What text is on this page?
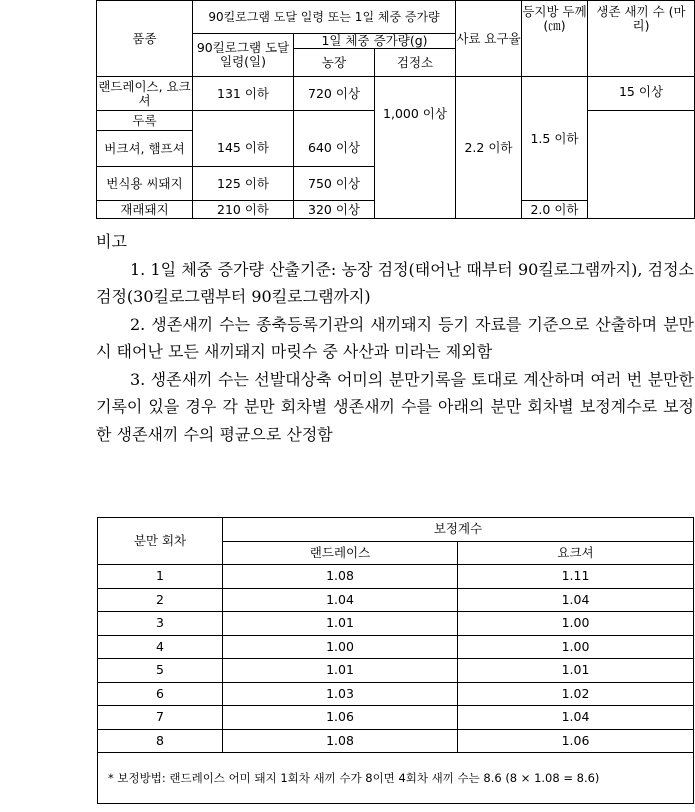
품종	90킬로그램 도달 일령 또는 1일 체중 증가량			사료 요구율	등지방 두께 (㎝)	생존 새끼 수 (마리)
	90킬로그램 도달일령(일)	1일 체중 증가량(g)				
		농장	검정소			
랜드레이스, 요크셔	131 이하	720 이상	1,000 이상	2.2 이하	1.5 이하	15 이상

두록						
버크셔, 햄프셔	145 이하	640 이상				
번식용 씨돼지	125 이하	750 이상				
재래돼지	210 이하	320 이상			2.0 이하	

비고

1. 1일 체중 증가량 산출기준: 농장 검정(태어난 때부터 90킬로그램까지), 검정소 검정(30킬로그램부터 90킬로그램까지)

2. 생존새끼 수는 종축등록기관의 새끼돼지 등기 자료를 기준으로 산출하며 분만 시 태어난 모든 새끼돼지 마릿수 중 사산과 미라는 제외함

3. 생존새끼 수는 선발대상축 어미의 분만기록을 토대로 계산하며 여러 번 분만한 기록이 있을 경우 각 분만 회차별 생존새끼 수를 아래의 분만 회차별 보정계수로 보정한 생존새끼 수의 평균으로 산정함

분만 회차	보정계수	
	랜드레이스	요크셔
1	1.08	1.11
2	1.04	1.04
3	1.01	1.00
4	1.00	1.00
5	1.01	1.01
6	1.03	1.02
7	1.06	1.04
8	1.08	1.06
* 보정방법: 랜드레이스 어미 돼지 1회차 새끼 수가 8이면 4회차 새끼 수는 8.6 (8 × 1.08 = 8.6)		
